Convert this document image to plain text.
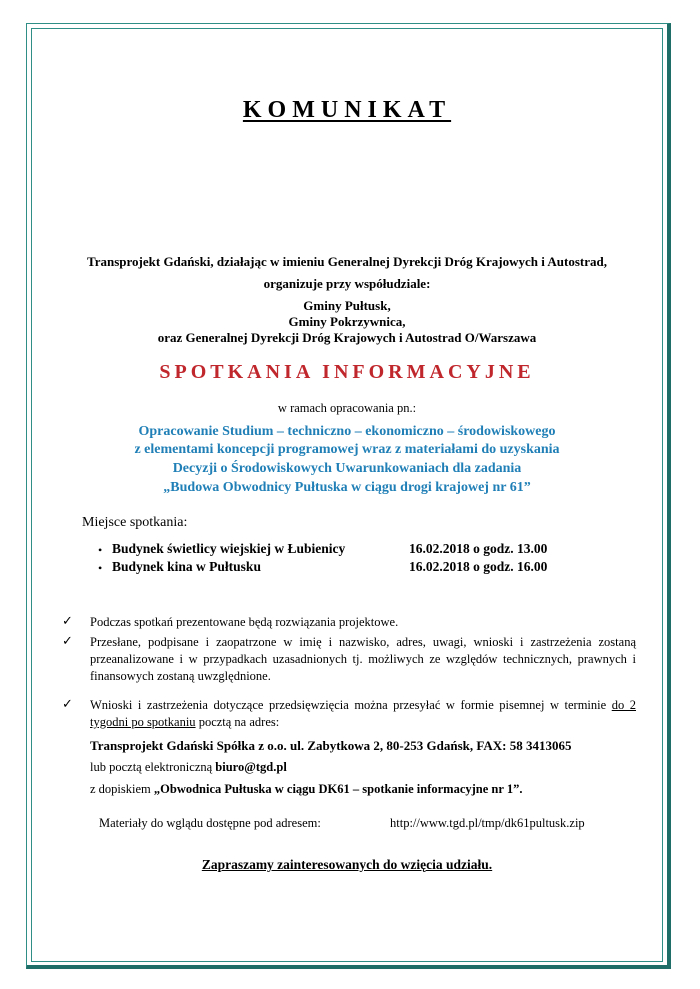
KOMUNIKAT
Transprojekt Gdański, działając w imieniu Generalnej Dyrekcji Dróg Krajowych i Autostrad,
organizuje przy współudziale:
Gminy Pułtusk,
Gminy Pokrzywnica,
oraz Generalnej Dyrekcji Dróg Krajowych i Autostrad O/Warszawa
SPOTKANIA INFORMACYJNE
w ramach opracowania pn.:
Opracowanie Studium – techniczno – ekonomiczno – środowiskowego
z elementami koncepcji programowej wraz z materiałami do uzyskania
Decyzji o Środowiskowych Uwarunkowaniach dla zadania
„Budowa Obwodnicy Pułtuska w ciągu drogi krajowej nr 61”
Miejsce spotkania:
• Budynek świetlicy wiejskiej w Łubienicy	16.02.2018 o godz. 13.00
• Budynek kina w Pułtusku	16.02.2018 o godz. 16.00
✓ Podczas spotkań prezentowane będą rozwiązania projektowe.
✓ Przesłane, podpisane i zaopatrzone w imię i nazwisko, adres, uwagi, wnioski i zastrzeżenia zostaną przeanalizowane i w przypadkach uzasadnionych tj. możliwych ze względów technicznych, prawnych i finansowych zostaną uwzględnione.
✓ Wnioski i zastrzeżenia dotyczące przedsięwzięcia można przesyłać w formie pisemnej w terminie do 2 tygodni po spotkaniu pocztą na adres:
Transprojekt Gdański Spółka z o.o. ul. Zabytkowa 2, 80-253 Gdańsk, FAX: 58 3413065
lub pocztą elektroniczną biuro@tgd.pl
z dopiskiem „Obwodnica Pułtuska w ciągu DK61 – spotkanie informacyjne nr 1”.
Materiały do wglądu dostępne pod adresem:	http://www.tgd.pl/tmp/dk61pultusk.zip
Zapraszamy zainteresowanych do wzięcia udziału.
